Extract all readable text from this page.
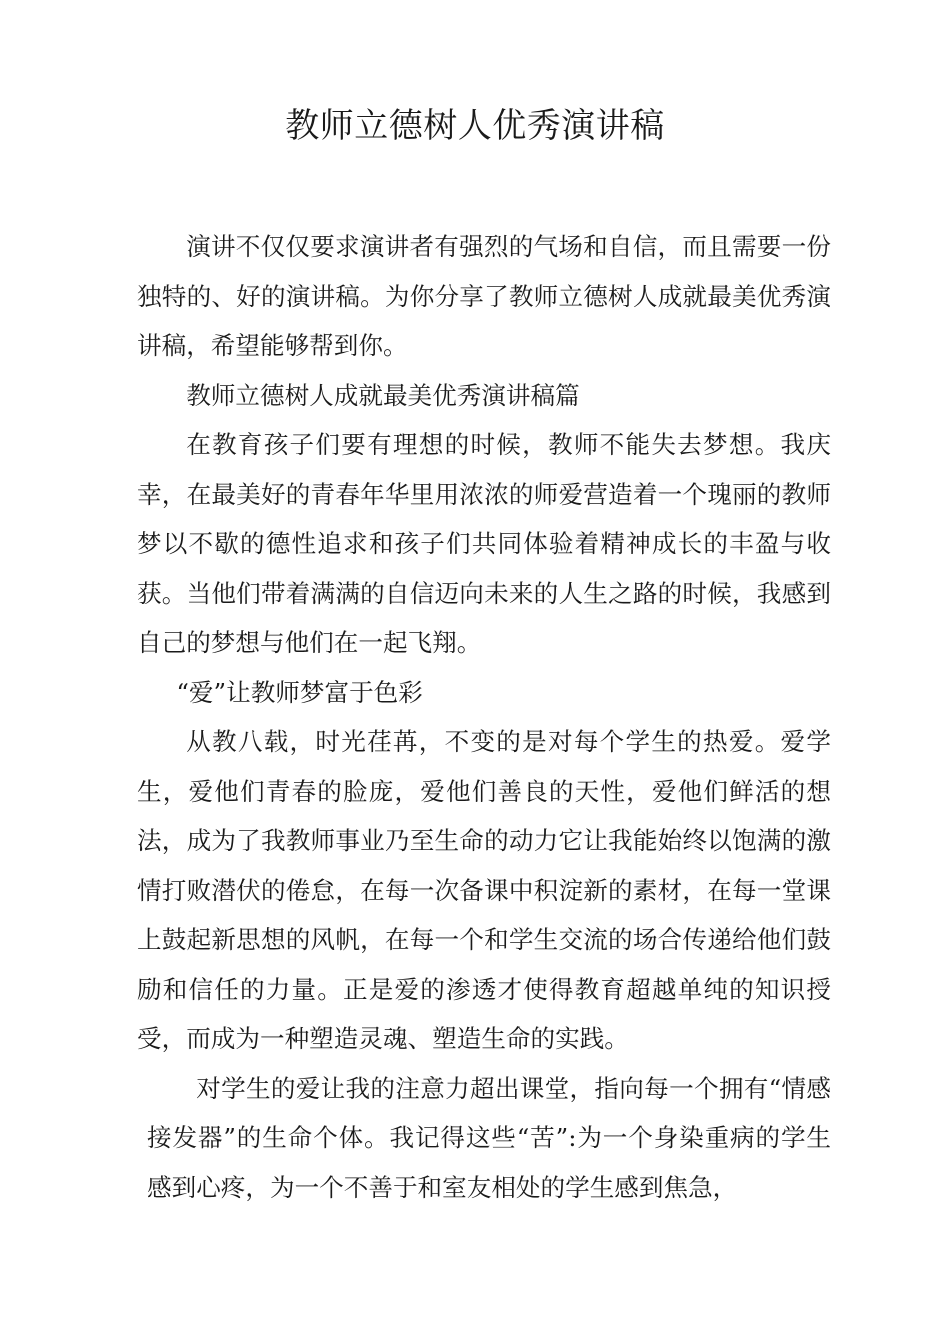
教师立德树人优秀演讲稿

演讲不仅仅要求演讲者有强烈的气场和自信，而且需要一份独特的、好的演讲稿。为你分享了教师立德树人成就最美优秀演讲稿，希望能够帮到你。

教师立德树人成就最美优秀演讲稿篇

在教育孩子们要有理想的时候，教师不能失去梦想。我庆幸，在最美好的青春年华里用浓浓的师爱营造着一个瑰丽的教师梦以不歇的德性追求和孩子们共同体验着精神成长的丰盈与收获。当他们带着满满的自信迈向未来的人生之路的时候，我感到自己的梦想与他们在一起飞翔。

“爱”让教师梦富于色彩

从教八载，时光荏苒，不变的是对每个学生的热爱。爱学生，爱他们青春的脸庞，爱他们善良的天性，爱他们鲜活的想法，成为了我教师事业乃至生命的动力它让我能始终以饱满的激情打败潜伏的倦怠，在每一次备课中积淀新的素材，在每一堂课上鼓起新思想的风帆，在每一个和学生交流的场合传递给他们鼓励和信任的力量。正是爱的渗透才使得教育超越单纯的知识授受，而成为一种塑造灵魂、塑造生命的实践。

对学生的爱让我的注意力超出课堂，指向每一个拥有“情感接发器”的生命个体。我记得这些“苦”:为一个身染重病的学生感到心疼，为一个不善于和室友相处的学生感到焦急，
